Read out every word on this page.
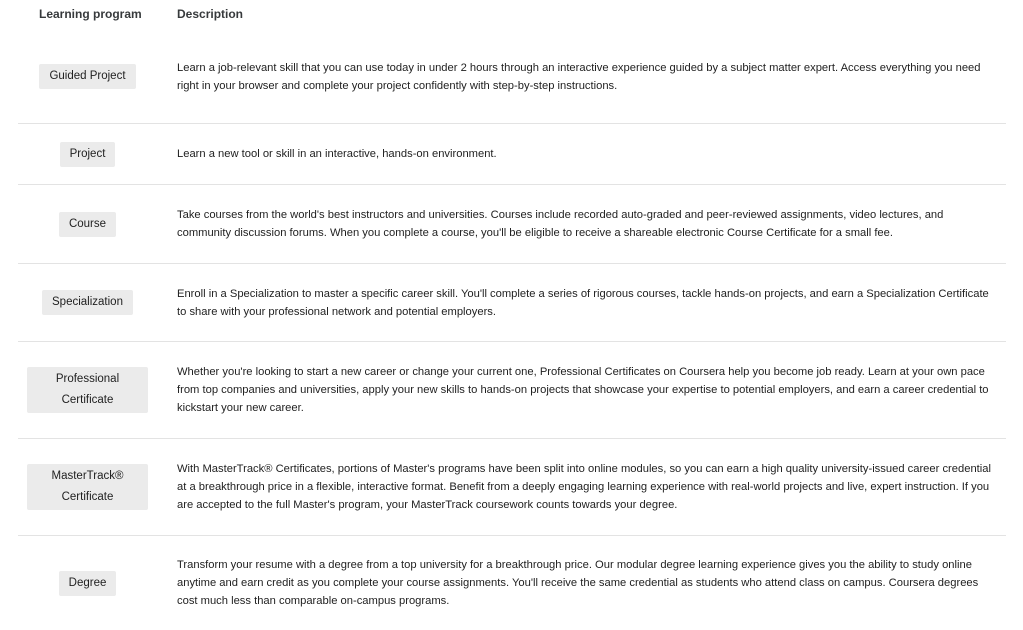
Learning program	Description
Guided Project
Learn a job-relevant skill that you can use today in under 2 hours through an interactive experience guided by a subject matter expert. Access everything you need right in your browser and complete your project confidently with step-by-step instructions.
Project	Learn a new tool or skill in an interactive, hands-on environment.
Course
Take courses from the world's best instructors and universities. Courses include recorded auto-graded and peer-reviewed assignments, video lectures, and community discussion forums. When you complete a course, you'll be eligible to receive a shareable electronic Course Certificate for a small fee.
Specialization
Enroll in a Specialization to master a specific career skill. You'll complete a series of rigorous courses, tackle hands-on projects, and earn a Specialization Certificate to share with your professional network and potential employers.
Professional Certificate
Whether you're looking to start a new career or change your current one, Professional Certificates on Coursera help you become job ready. Learn at your own pace from top companies and universities, apply your new skills to hands-on projects that showcase your expertise to potential employers, and earn a career credential to kickstart your new career.
MasterTrack® Certificate
With MasterTrack® Certificates, portions of Master's programs have been split into online modules, so you can earn a high quality university-issued career credential at a breakthrough price in a flexible, interactive format. Benefit from a deeply engaging learning experience with real-world projects and live, expert instruction. If you are accepted to the full Master's program, your MasterTrack coursework counts towards your degree.
Degree
Transform your resume with a degree from a top university for a breakthrough price. Our modular degree learning experience gives you the ability to study online anytime and earn credit as you complete your course assignments. You'll receive the same credential as students who attend class on campus. Coursera degrees cost much less than comparable on-campus programs.
